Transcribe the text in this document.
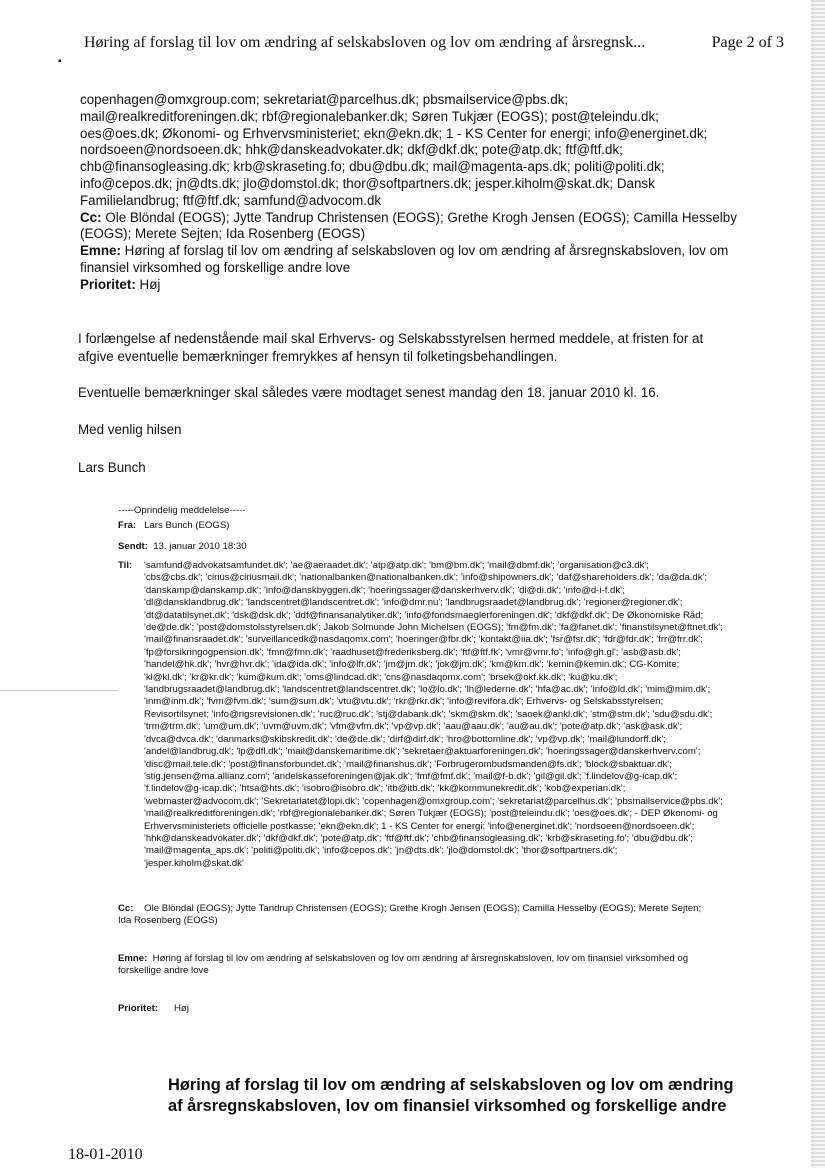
Høring af forslag til lov om ændring af selskabsloven og lov om ændring af årsregnsk...	Page 2 of 3
▪
copenhagen@omxgroup.com; sekretariat@parcelhus.dk; pbsmailservice@pbs.dk;
mail@realkreditforeningen.dk; rbf@regionalebanker.dk; Søren Tukjær (EOGS); post@teleindu.dk;
oes@oes.dk; Økonomi- og Erhvervsministeriet; ekn@ekn.dk; 1 - KS Center for energi; info@energinet.dk;
nordsoeen@nordsoeen.dk; hhk@danskeadvokater.dk; dkf@dkf.dk; pote@atp.dk; ftf@ftf.dk;
chb@finansogleasing.dk; krb@skraseting.fo; dbu@dbu.dk; mail@magenta-aps.dk; politi@politi.dk;
info@cepos.dk; jn@dts.dk; jlo@domstol.dk; thor@softpartners.dk; jesper.kiholm@skat.dk; Dansk
Familielandbrug; ftf@ftf.dk; samfund@advocom.dk
Cc: Ole Blöndal (EOGS); Jytte Tandrup Christensen (EOGS); Grethe Krogh Jensen (EOGS); Camilla Hesselby
(EOGS); Merete Sejten; Ida Rosenberg (EOGS)
Emne: Høring af forslag til lov om ændring af selskabsloven og lov om ændring af årsregnskabsloven, lov om
finansiel virksomhed og forskellige andre love
Prioritet: Høj
I forlængelse af nedenstående mail skal Erhvervs- og Selskabsstyrelsen hermed meddele, at fristen for at
afgive eventuelle bemærkninger fremrykkes af hensyn til folketingsbehandlingen.
Eventuelle bemærkninger skal således være modtaget senest mandag den 18. januar 2010 kl. 16.
Med venlig hilsen
Lars Bunch
-----Oprindelig meddelelse-----
Fra: Lars Bunch (EOGS)
Sendt: 13. januar 2010 18:30
Til: 'samfund@advokatsamfundet.dk'; 'ae@aeraadet.dk'; 'atp@atp.dk'; 'bm@bm.dk'; 'mail@dbmf.dk'; 'organisation@c3.dk';
'cbs@cbs.dk'; 'cirius@ciriusmail.dk'; 'nationalbanken@nationalbanken.dk'; 'info@shipowners.dk'; 'daf@shareholders.dk'; 'da@da.dk';
'danskamp@danskamp.dk'; 'info@danskbyggeri.dk'; 'hoeringssager@danskerhverv.dk'; 'di@di.dk'; 'info@d-i-f.dk';
'dl@dansklandbrug.dk'; 'landscentret@landscentret.dk'; 'info@dmr.nu'; 'landbrugsraadet@landbrug.dk'; 'regioner@regioner.dk';
'dt@datatilsynet.dk'; 'dsk@dsk.dk'; 'ddf@finansanalytiker.dk'; 'info@fondsmaeglerforeningen.dk'; 'dkf@dkf.dk'; De Økonomiske Råd;
'de@de.dk'; 'post@domstolsstyrelsen.dk'; Jakob Solmunde John Michelsen (EOGS); 'fm@fm.dk'; 'fa@fanet.dk'; 'finanstilsynet@ftnet.dk';
'mail@finansraadet.dk'; 'surveillancedk@nasdaqomx.com'; 'hoeringer@fbr.dk'; 'kontakt@iia.dk'; 'fsr@fsr.dk'; 'fdr@fdr.dk'; 'frr@frr.dk';
'fp@forsikringogpension.dk'; 'fmn@fmn.dk'; 'raadhuset@frederiksberg.dk'; 'ftf@ftf.fk'; 'vmr@vmr.fo'; 'info@gh.gl'; 'asb@asb.dk';
'handel@hk.dk'; 'hvr@hvr.dk'; 'ida@ida.dk'; 'info@lfr.dk'; 'jm@jm.dk'; 'jok@jm.dk'; 'km@km.dk'; 'kemin@kemin.dk'; CG-Komite;
'kl@kl.dk'; 'kr@kr.dk'; 'kum@kum.dk'; 'oms@lindcad.dk'; 'cns@nasdaqomx.com'; 'brsek@okf.kk.dk'; 'ku@ku.dk';
'landbrugsraadet@landbrug.dk'; 'landscentret@landscentret.dk'; 'lo@lo.dk'; 'lh@lederne.dk'; 'hfa@ac.dk'; 'info@ld.dk'; 'mim@mim.dk';
'inm@inm.dk'; 'fvm@fvm.dk'; 'sum@sum.dk'; 'vtu@vtu.dk'; 'rkr@rkr.dk'; 'info@revifora.dk'; Erhvervs- og Selskabsstyrelsen;
Revisortilsynet; 'info@rigsrevisionen.dk'; 'ruc@ruc.dk'; 'stj@dabank.dk'; 'skm@skm.dk'; 'saoek@ankl.dk'; 'stm@stm.dk'; 'sdu@sdu.dk';
'trm@trm.dk'; 'um@um.dk'; 'uvm@uvm.dk'; 'vfm@vfm.dk'; 'vp@vp.dk'; 'aau@aau.dk'; 'au@au.dk'; 'pote@atp.dk'; 'ask@ask.dk';
'dvca@dvca.dk'; 'danmarks@skibskredit.dk'; 'de@de.dk'; 'dirf@dirf.dk'; 'hro@bottomline.dk'; 'vp@vp.dk'; 'mail@lundorff.dk';
'andel@landbrug.dk'; 'lp@dfl.dk'; 'mail@danskemaritime.dk'; 'sekretaer@aktuarforeningen.dk'; 'hoeringssager@danskerhverv.com';
'disc@mail.tele.dk'; 'post@finansforbundet.dk'; 'mail@finanshus.dk'; 'Forbrugerombudsmanden@fs.dk'; 'block@sbaktuar.dk';
'stig.jensen@ma.allianz.com'; 'andelskasseforeningen@jak.dk'; 'fmf@fmf.dk'; 'mail@f-b.dk'; 'gil@gil.dk'; 'f.lindelov@g-icap.dk';
'f.lindelov@g-icap.dk'; 'htsa@hts.dk'; 'isobro@isobro.dk'; 'itb@itb.dk'; 'kk@kommunekredit.dk'; 'kob@experian.dk';
'webmaster@advocom.dk'; 'Sekretariatet@lopi.dk'; 'copenhagen@omxgroup.com'; 'sekretariat@parcelhus.dk'; 'pbsmailservice@pbs.dk';
'mail@realkreditforeningen.dk'; 'rbf@regionalebanker.dk'; Søren Tukjær (EOGS); 'post@teleindu.dk'; 'oes@oes.dk'; - DEP Økonomi- og
Erhvervsministeriets officielle postkasse; 'ekn@ekn.dk'; 1 - KS Center for energi; 'info@energinet.dk'; 'nordsoeen@nordsoeen.dk';
'hhk@danskeadvokater.dk'; 'dkf@dkf.dk'; 'pote@atp.dk'; 'ftf@ftf.dk'; 'chb@finansogleasing.dk'; 'krb@skraseting.fo'; 'dbu@dbu.dk';
'mail@magenta_aps.dk'; 'politi@politi.dk'; 'info@cepos.dk'; 'jn@dts.dk'; 'jlo@domstol.dk'; 'thor@softpartners.dk';
'jesper.kiholm@skat.dk'
Cc: Ole Blöndal (EOGS); Jytte Tandrup Christensen (EOGS); Grethe Krogh Jensen (EOGS); Camilla Hesselby (EOGS); Merete Sejten;
Ida Rosenberg (EOGS)
Emne: Høring af forslag til lov om ændring af selskabsloven og lov om ændring af årsregnskabsloven, lov om finansiel virksomhed og
forskellige andre love
Prioritet: Høj
Høring af forslag til lov om ændring af selskabsloven og lov om ændring
af årsregnskabsloven, lov om finansiel virksomhed og forskellige andre
18-01-2010
